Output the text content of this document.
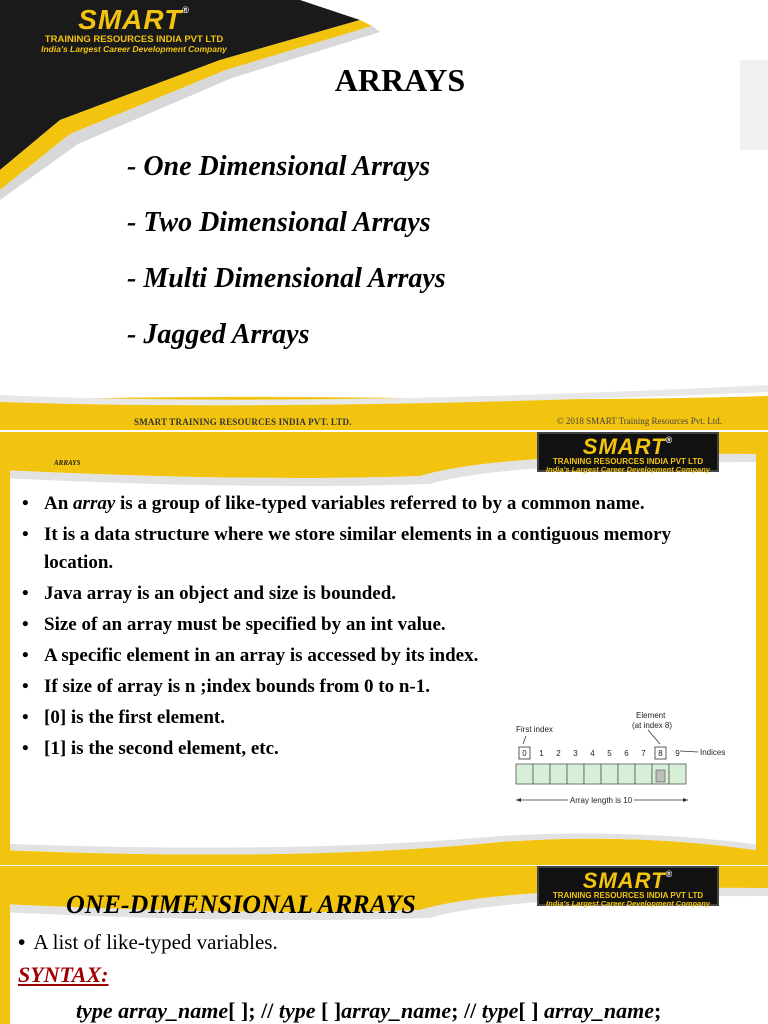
SMART®
TRAINING RESOURCES INDIA PVT LTD
India's Largest Career Development Company
ARRAYS
- One Dimensional Arrays
- Two Dimensional Arrays
- Multi Dimensional Arrays
- Jagged Arrays
SMART TRAINING RESOURCES INDIA PVT. LTD.	© 2018 SMART Training Resources Pvt. Ltd.
SMART®
TRAINING RESOURCES INDIA PVT LTD
India's Largest Career Development Company
ARRAYS
• An array is a group of like-typed variables referred to by a common name.
• It is a data structure where we store similar elements in a contiguous memory location.
• Java array is an object and size is bounded.
• Size of an array must be specified by an int value.
• A specific element in an array is accessed by its index.
• If size of array is n ;index bounds from 0 to n-1.
• [0] is the first element.
• [1] is the second element, etc.
First index
Element
(at index 8)
Indices
0 1 2 3 4 5 6 7 8 9
Array length is 10
SMART®
TRAINING RESOURCES INDIA PVT LTD
India's Largest Career Development Company
ONE-DIMENSIONAL ARRAYS
• A list of like-typed variables.
SYNTAX:
type array_name[ ]; // type [ ]array_name; // type[ ] array_name;
